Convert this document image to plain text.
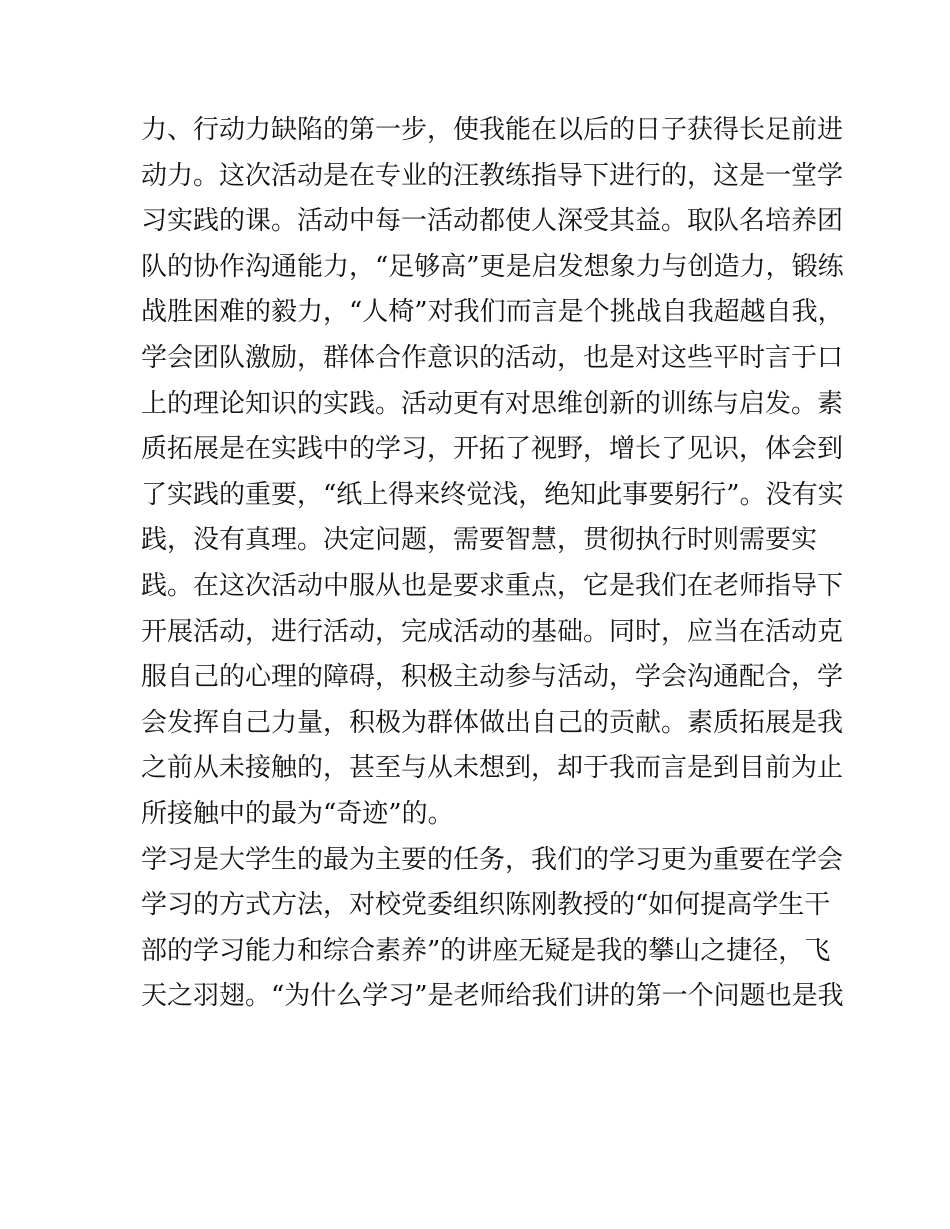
力、行动力缺陷的第一步，使我能在以后的日子获得长足前进
动力。这次活动是在专业的汪教练指导下进行的，这是一堂学
习实践的课。活动中每一活动都使人深受其益。取队名培养团
队的协作沟通能力，“足够高”更是启发想象力与创造力，锻练
战胜困难的毅力，“人椅”对我们而言是个挑战自我超越自我，
学会团队激励，群体合作意识的活动，也是对这些平时言于口
上的理论知识的实践。活动更有对思维创新的训练与启发。素
质拓展是在实践中的学习，开拓了视野，增长了见识，体会到
了实践的重要，“纸上得来终觉浅，绝知此事要躬行”。没有实
践，没有真理。决定问题，需要智慧，贯彻执行时则需要实
践。在这次活动中服从也是要求重点，它是我们在老师指导下
开展活动，进行活动，完成活动的基础。同时，应当在活动克
服自己的心理的障碍，积极主动参与活动，学会沟通配合，学
会发挥自己力量，积极为群体做出自己的贡献。素质拓展是我
之前从未接触的，甚至与从未想到，却于我而言是到目前为止
所接触中的最为“奇迹”的。
学习是大学生的最为主要的任务，我们的学习更为重要在学会
学习的方式方法，对校党委组织陈刚教授的“如何提高学生干
部的学习能力和综合素养”的讲座无疑是我的攀山之捷径，飞
天之羽翅。“为什么学习”是老师给我们讲的第一个问题也是我
